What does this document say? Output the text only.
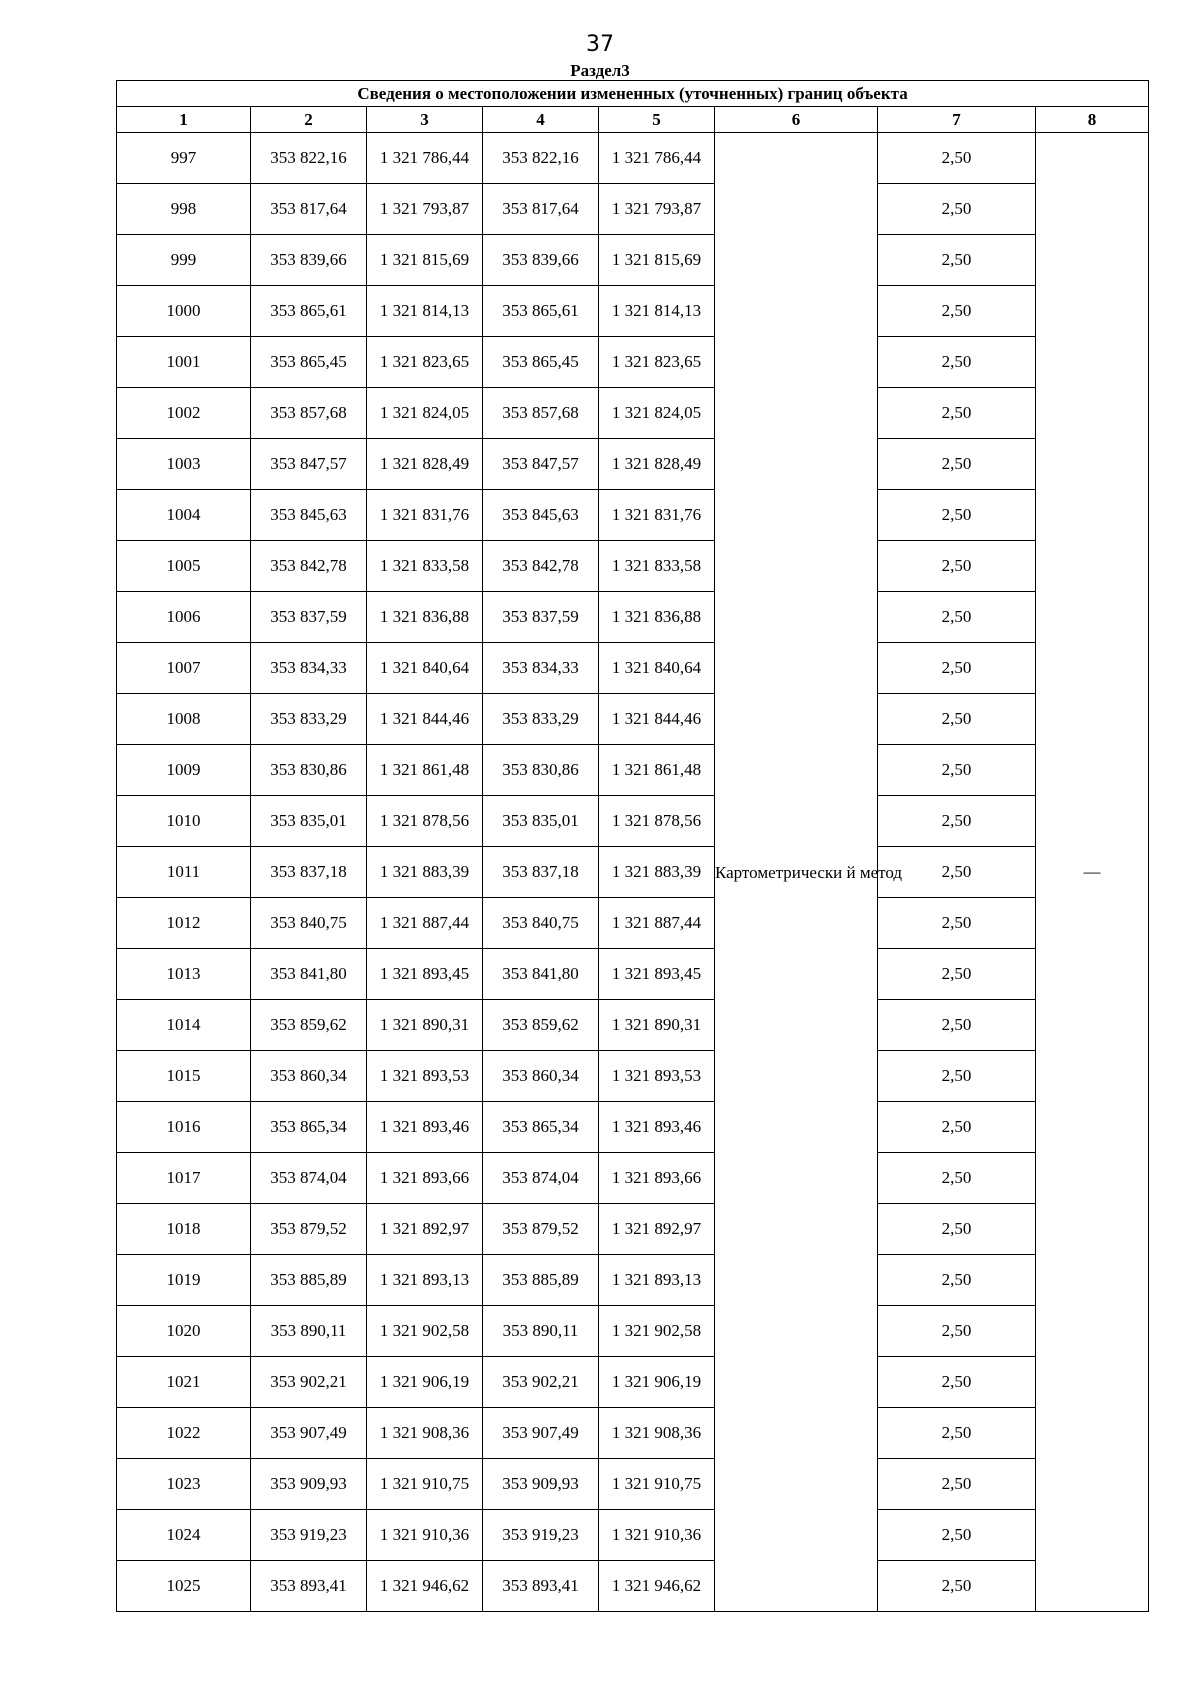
37
Раздел3
Сведения о местоположении измененных (уточненных) границ объекта							
1	2	3	4	5	6	7	8
997	353 822,16	1 321 786,44	353 822,16	1 321 786,44	Картометрически й метод	2,50	—
998	353 817,64	1 321 793,87	353 817,64	1 321 793,87		2,50	
999	353 839,66	1 321 815,69	353 839,66	1 321 815,69		2,50	
1000	353 865,61	1 321 814,13	353 865,61	1 321 814,13		2,50	
1001	353 865,45	1 321 823,65	353 865,45	1 321 823,65		2,50	
1002	353 857,68	1 321 824,05	353 857,68	1 321 824,05		2,50	
1003	353 847,57	1 321 828,49	353 847,57	1 321 828,49		2,50	
1004	353 845,63	1 321 831,76	353 845,63	1 321 831,76		2,50	
1005	353 842,78	1 321 833,58	353 842,78	1 321 833,58		2,50	
1006	353 837,59	1 321 836,88	353 837,59	1 321 836,88		2,50	
1007	353 834,33	1 321 840,64	353 834,33	1 321 840,64		2,50	
1008	353 833,29	1 321 844,46	353 833,29	1 321 844,46		2,50	
1009	353 830,86	1 321 861,48	353 830,86	1 321 861,48		2,50	
1010	353 835,01	1 321 878,56	353 835,01	1 321 878,56		2,50	
1011	353 837,18	1 321 883,39	353 837,18	1 321 883,39		2,50	
1012	353 840,75	1 321 887,44	353 840,75	1 321 887,44		2,50	
1013	353 841,80	1 321 893,45	353 841,80	1 321 893,45		2,50	
1014	353 859,62	1 321 890,31	353 859,62	1 321 890,31		2,50	
1015	353 860,34	1 321 893,53	353 860,34	1 321 893,53		2,50	
1016	353 865,34	1 321 893,46	353 865,34	1 321 893,46		2,50	
1017	353 874,04	1 321 893,66	353 874,04	1 321 893,66		2,50	
1018	353 879,52	1 321 892,97	353 879,52	1 321 892,97		2,50	
1019	353 885,89	1 321 893,13	353 885,89	1 321 893,13		2,50	
1020	353 890,11	1 321 902,58	353 890,11	1 321 902,58		2,50	
1021	353 902,21	1 321 906,19	353 902,21	1 321 906,19		2,50	
1022	353 907,49	1 321 908,36	353 907,49	1 321 908,36		2,50	
1023	353 909,93	1 321 910,75	353 909,93	1 321 910,75		2,50	
1024	353 919,23	1 321 910,36	353 919,23	1 321 910,36		2,50	
1025	353 893,41	1 321 946,62	353 893,41	1 321 946,62		2,50	
